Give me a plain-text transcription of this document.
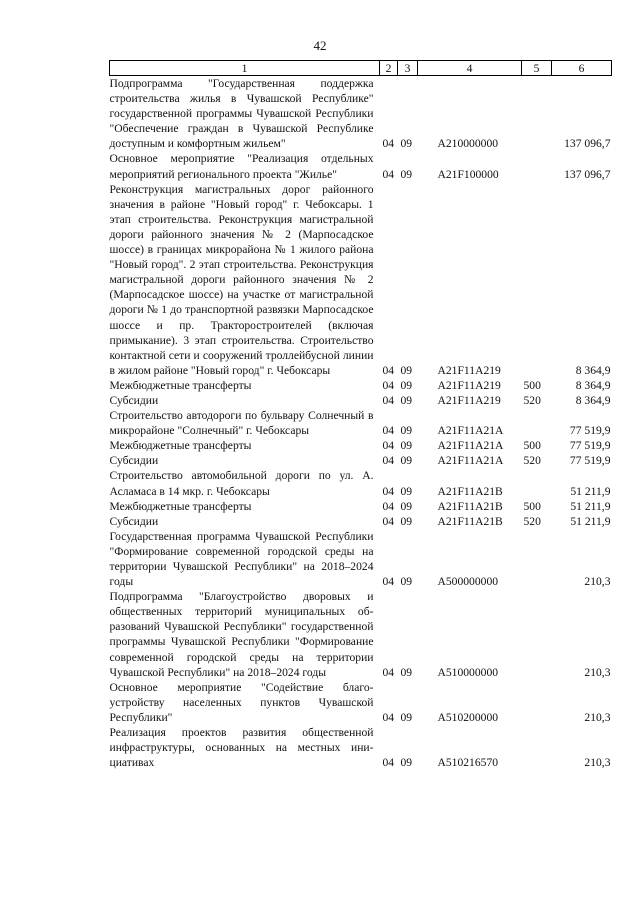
42
1	2	3	4	5	6
Подпрограмма "Государственная поддержка строительства жилья в Чувашской Республике" государственной программы Чувашской Республики "Обеспечение граждан в Чувашской Республике доступным и комфортным жильем"	04	09	A210000000		137 096,7
Основное мероприятие "Реализация отдельных мероприятий регионального проекта "Жилье"	04	09	A21F100000		137 096,7
Реконструкция магистральных дорог районного значения в районе "Новый город" г. Чебоксары. 1 этап строительства. Реконструкция магистральной дороги районного значения № 2 (Марпосадское шоссе) в границах микрорайона № 1 жилого района "Новый город". 2 этап строительства. Реконструкция магистральной дороги районного значения № 2 (Марпосадское шоссе) на участке от магистральной дороги № 1 до транспортной развязки Марпосадское шоссе и пр. Тракторостроителей (включая примыкание). 3 этап строительства. Строительство контактной сети и сооружений троллейбусной линии в жилом районе "Новый город" г. Чебоксары	04	09	A21F11A219		8 364,9
Межбюджетные трансферты	04	09	A21F11A219	500	8 364,9
Субсидии	04	09	A21F11A219	520	8 364,9
Строительство автодороги по бульвару Солнечный в микрорайоне "Солнечный" г. Чебоксары	04	09	A21F11A21A		77 519,9
Межбюджетные трансферты	04	09	A21F11A21A	500	77 519,9
Субсидии	04	09	A21F11A21A	520	77 519,9
Строительство автомобильной дороги по ул. А. Асламаса в 14 мкр. г. Чебоксары	04	09	A21F11A21B		51 211,9
Межбюджетные трансферты	04	09	A21F11A21B	500	51 211,9
Субсидии	04	09	A21F11A21B	520	51 211,9
Государственная программа Чувашской Республики "Формирование современной городской среды на территории Чувашской Республики" на 2018–2024 годы	04	09	A500000000		210,3
Подпрограмма "Благоустройство дворовых и общественных территорий муниципальных образований Чувашской Республики" государственной программы Чувашской Республики "Формирование современной городской среды на территории Чувашской Республики" на 2018–2024 годы	04	09	A510000000		210,3
Основное мероприятие "Содействие благоустройству населенных пунктов Чувашской Республики"	04	09	A510200000		210,3
Реализация проектов развития общественной инфраструктуры, основанных на местных инициативах	04	09	A510216570		210,3
